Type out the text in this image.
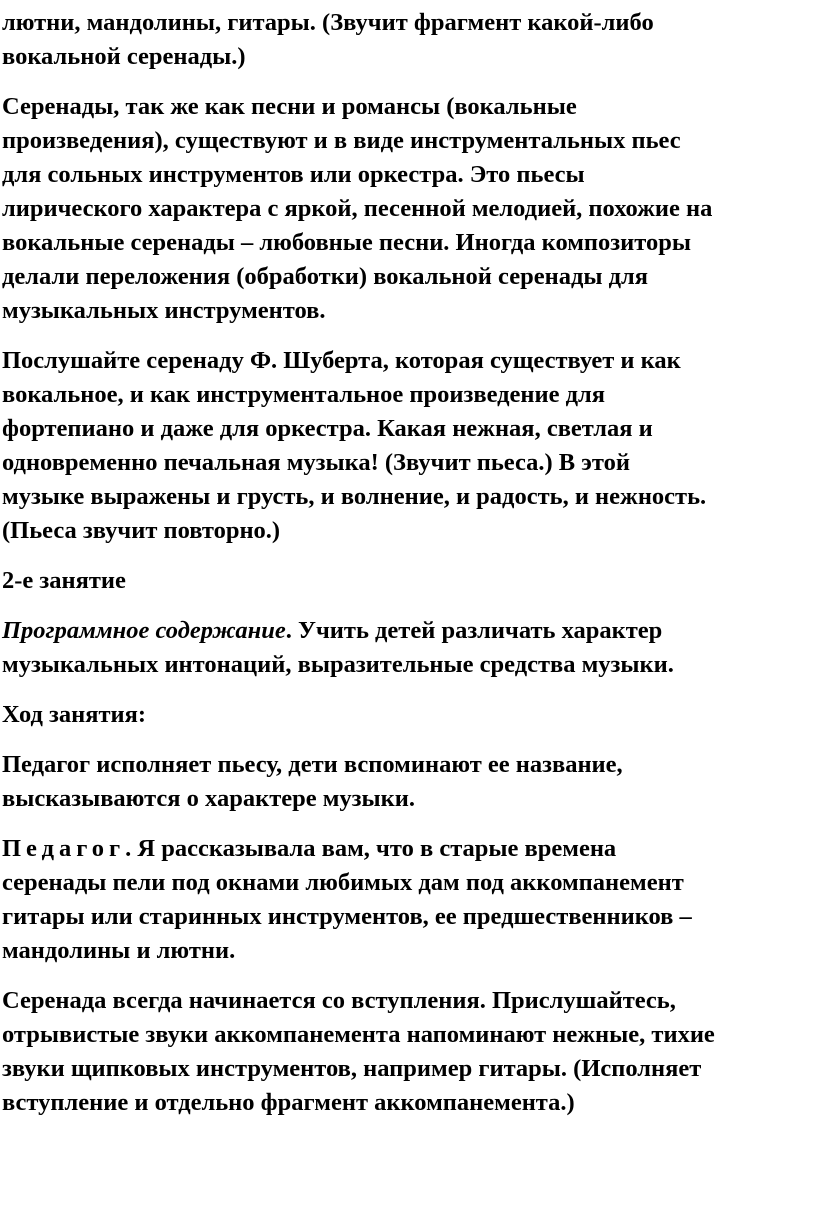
лютни, мандолины, гитары. (Звучит фрагмент какой-либо
вокальной серенады.)

Серенады, так же как песни и романсы (вокальные
произведения), существуют и в виде инструментальных пьес
для сольных инструментов или оркестра. Это пьесы
лирического характера с яркой, песенной мелодией, похожие на
вокальные серенады – любовные песни. Иногда композиторы
делали переложения (обработки) вокальной серенады для
музыкальных инструментов.

Послушайте серенаду Ф. Шуберта, которая существует и как
вокальное, и как инструментальное произведение для
фортепиано и даже для оркестра. Какая нежная, светлая и
одновременно печальная музыка! (Звучит пьеса.) В этой
музыке выражены и грусть, и волнение, и радость, и нежность.
(Пьеса звучит повторно.)

2-е занятие

Программное содержание. Учить детей различать характер
музыкальных интонаций, выразительные средства музыки.

Ход занятия:

Педагог исполняет пьесу, дети вспоминают ее название,
высказываются о характере музыки.

Педагог. Я рассказывала вам, что в старые времена
серенады пели под окнами любимых дам под аккомпанемент
гитары или старинных инструментов, ее предшественников –
мандолины и лютни.

Серенада всегда начинается со вступления. Прислушайтесь,
отрывистые звуки аккомпанемента напоминают нежные, тихие
звуки щипковых инструментов, например гитары. (Исполняет
вступление и отдельно фрагмент аккомпанемента.)
